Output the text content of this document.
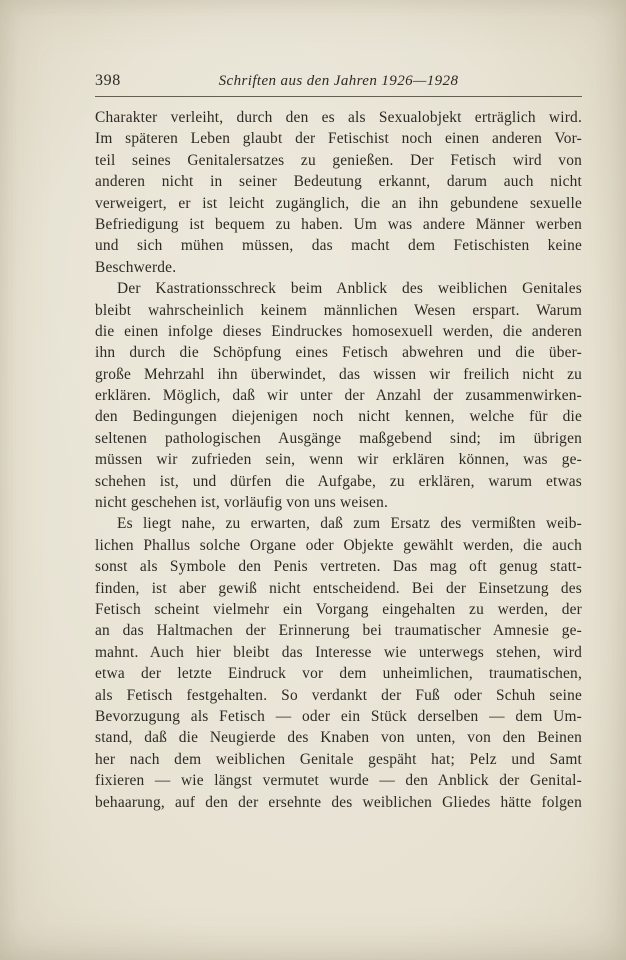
398	Schriften aus den Jahren 1926—1928

Charakter verleiht, durch den es als Sexualobjekt erträglich wird.
Im späteren Leben glaubt der Fetischist noch einen anderen Vor-
teil seines Genitalersatzes zu genießen. Der Fetisch wird von
anderen nicht in seiner Bedeutung erkannt, darum auch nicht
verweigert, er ist leicht zugänglich, die an ihn gebundene sexuelle
Befriedigung ist bequem zu haben. Um was andere Männer werben
und sich mühen müssen, das macht dem Fetischisten keine
Beschwerde.

Der Kastrationsschreck beim Anblick des weiblichen Genitales
bleibt wahrscheinlich keinem männlichen Wesen erspart. Warum
die einen infolge dieses Eindruckes homosexuell werden, die anderen
ihn durch die Schöpfung eines Fetisch abwehren und die über-
große Mehrzahl ihn überwindet, das wissen wir freilich nicht zu
erklären. Möglich, daß wir unter der Anzahl der zusammenwirken-
den Bedingungen diejenigen noch nicht kennen, welche für die
seltenen pathologischen Ausgänge maßgebend sind; im übrigen
müssen wir zufrieden sein, wenn wir erklären können, was ge-
schehen ist, und dürfen die Aufgabe, zu erklären, warum etwas
nicht geschehen ist, vorläufig von uns weisen.

Es liegt nahe, zu erwarten, daß zum Ersatz des vermißten weib-
lichen Phallus solche Organe oder Objekte gewählt werden, die auch
sonst als Symbole den Penis vertreten. Das mag oft genug statt-
finden, ist aber gewiß nicht entscheidend. Bei der Einsetzung des
Fetisch scheint vielmehr ein Vorgang eingehalten zu werden, der
an das Haltmachen der Erinnerung bei traumatischer Amnesie ge-
mahnt. Auch hier bleibt das Interesse wie unterwegs stehen, wird
etwa der letzte Eindruck vor dem unheimlichen, traumatischen,
als Fetisch festgehalten. So verdankt der Fuß oder Schuh seine
Bevorzugung als Fetisch — oder ein Stück derselben — dem Um-
stand, daß die Neugierde des Knaben von unten, von den Beinen
her nach dem weiblichen Genitale gespäht hat; Pelz und Samt
fixieren — wie längst vermutet wurde — den Anblick der Genital-
behaarung, auf den der ersehnte des weiblichen Gliedes hätte folgen
